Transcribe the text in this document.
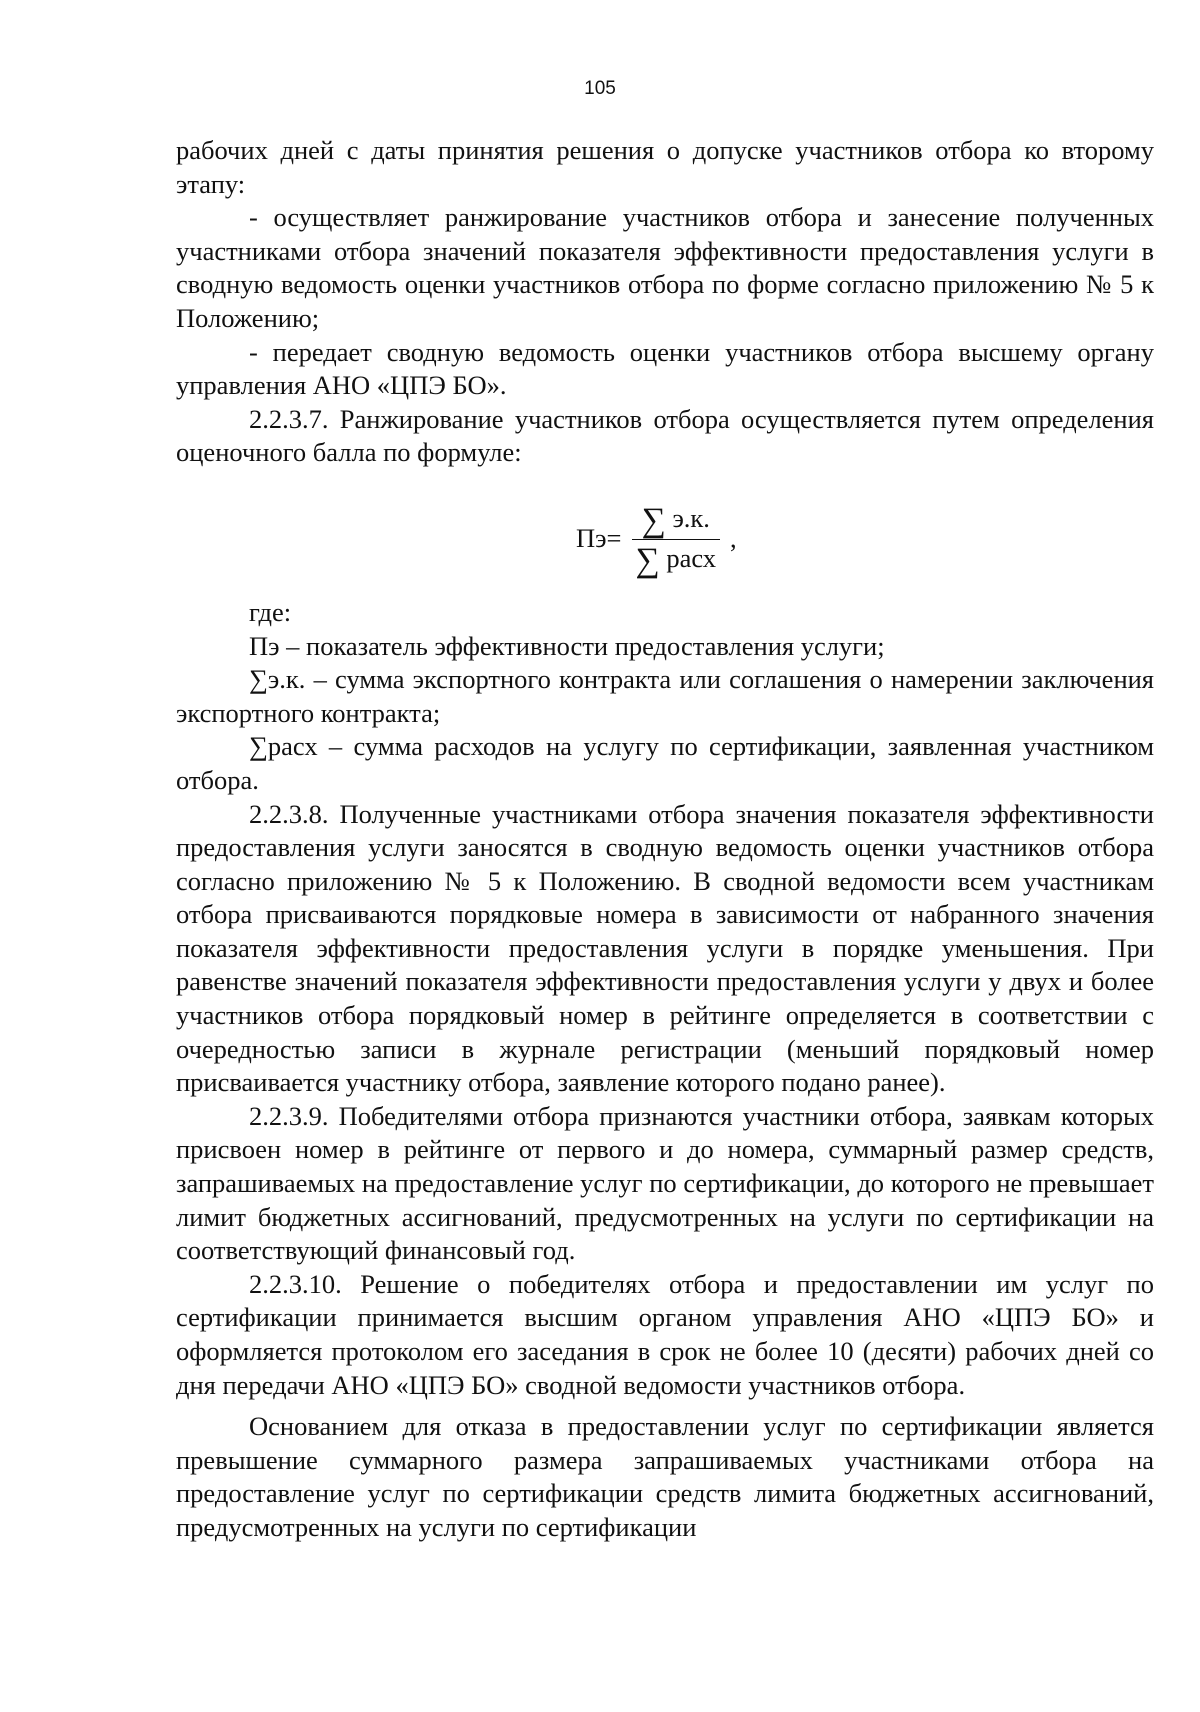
105

рабочих дней с даты принятия решения о допуске участников отбора ко второму этапу:

- осуществляет ранжирование участников отбора и занесение полученных участниками отбора значений показателя эффективности предоставления услуги в сводную ведомость оценки участников отбора по форме согласно приложению № 5 к Положению;

- передает сводную ведомость оценки участников отбора высшему органу управления АНО «ЦПЭ БО».

2.2.3.7. Ранжирование участников отбора осуществляется путем определения оценочного балла по формуле:

$Пэ= \frac{\sum э.к.}{\text{∑ расх}}$ ,

где:

Пэ – показатель эффективности предоставления услуги;

∑э.к. – сумма экспортного контракта или соглашения о намерении заключения экспортного контракта;

∑расх – сумма расходов на услугу по сертификации, заявленная участником отбора.

2.2.3.8. Полученные участниками отбора значения показателя эффективности предоставления услуги заносятся в сводную ведомость оценки участников отбора согласно приложению № 5 к Положению. В сводной ведомости всем участникам отбора присваиваются порядковые номера в зависимости от набранного значения показателя эффективности предоставления услуги в порядке уменьшения. При равенстве значений показателя эффективности предоставления услуги у двух и более участников отбора порядковый номер в рейтинге определяется в соответствии с очередностью записи в журнале регистрации (меньший порядковый номер присваивается участнику отбора, заявление которого подано ранее).

2.2.3.9. Победителями отбора признаются участники отбора, заявкам которых присвоен номер в рейтинге от первого и до номера, суммарный размер средств, запрашиваемых на предоставление услуг по сертификации, до которого не превышает лимит бюджетных ассигнований, предусмотренных на услуги по сертификации на соответствующий финансовый год.

2.2.3.10. Решение о победителях отбора и предоставлении им услуг по сертификации принимается высшим органом управления АНО «ЦПЭ БО» и оформляется протоколом его заседания в срок не более 10 (десяти) рабочих дней со дня передачи АНО «ЦПЭ БО» сводной ведомости участников отбора.

Основанием для отказа в предоставлении услуг по сертификации является превышение суммарного размера запрашиваемых участниками отбора на предоставление услуг по сертификации средств лимита бюджетных ассигнований, предусмотренных на услуги по сертификации
